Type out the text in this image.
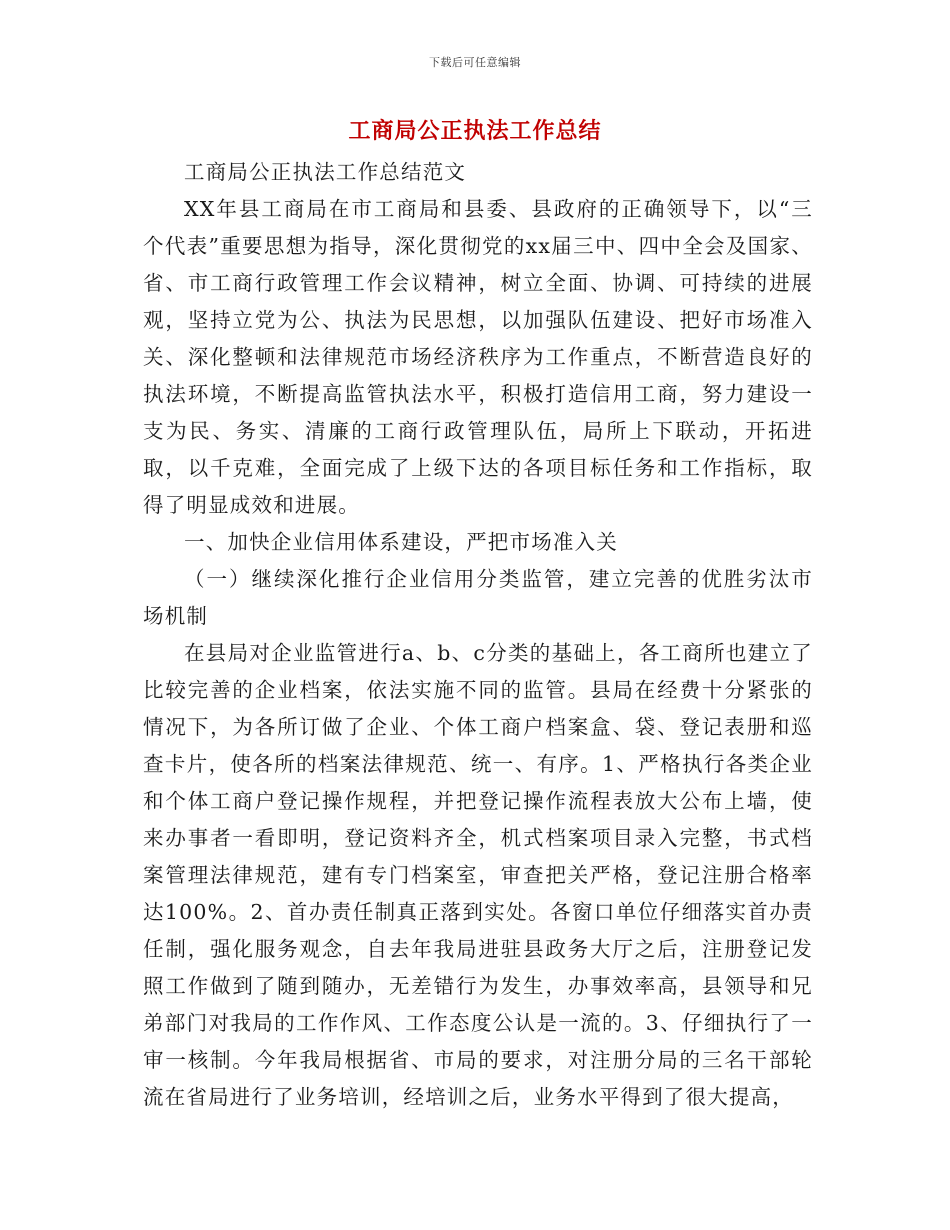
下载后可任意编辑
工商局公正执法工作总结

工商局公正执法工作总结范文

XX年县工商局在市工商局和县委、县政府的正确领导下，以“三个代表”重要思想为指导，深化贯彻党的xx届三中、四中全会及国家、省、市工商行政管理工作会议精神，树立全面、协调、可持续的进展观，坚持立党为公、执法为民思想，以加强队伍建设、把好市场准入关、深化整顿和法律规范市场经济秩序为工作重点，不断营造良好的执法环境，不断提高监管执法水平，积极打造信用工商，努力建设一支为民、务实、清廉的工商行政管理队伍，局所上下联动，开拓进取，以千克难，全面完成了上级下达的各项目标任务和工作指标，取得了明显成效和进展。

一、加快企业信用体系建设，严把市场准入关

（一）继续深化推行企业信用分类监管，建立完善的优胜劣汰市场机制

在县局对企业监管进行a、b、c分类的基础上，各工商所也建立了比较完善的企业档案，依法实施不同的监管。县局在经费十分紧张的情况下，为各所订做了企业、个体工商户档案盒、袋、登记表册和巡查卡片，使各所的档案法律规范、统一、有序。1、严格执行各类企业和个体工商户登记操作规程，并把登记操作流程表放大公布上墙，使来办事者一看即明，登记资料齐全，机式档案项目录入完整，书式档案管理法律规范，建有专门档案室，审查把关严格，登记注册合格率达100%。2、首办责任制真正落到实处。各窗口单位仔细落实首办责任制，强化服务观念，自去年我局进驻县政务大厅之后，注册登记发照工作做到了随到随办，无差错行为发生，办事效率高，县领导和兄弟部门对我局的工作作风、工作态度公认是一流的。3、仔细执行了一审一核制。今年我局根据省、市局的要求，对注册分局的三名干部轮流在省局进行了业务培训，经培训之后，业务水平得到了很大提高，
